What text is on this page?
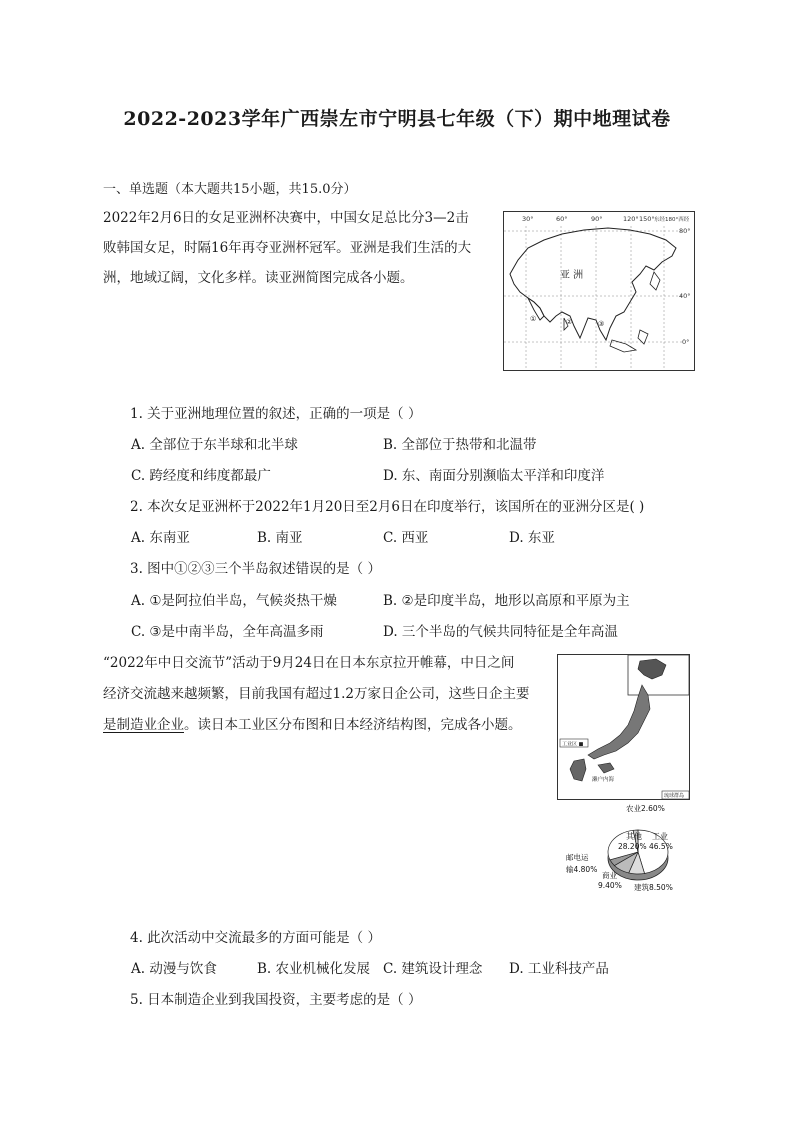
2022-2023学年广西崇左市宁明县七年级（下）期中地理试卷
一、单选题（本大题共15小题，共15.0分）
2022年2月6日的女足亚洲杯决赛中，中国女足总比分3—2击
败韩国女足，时隔16年再夺亚洲杯冠军。亚洲是我们生活的大
洲，地域辽阔，文化多样。读亚洲简图完成各小题。
30°	60°	90°	120° 150° 东经180°西经
80°
40°
0°
亚 洲
①	②	③
1. 关于亚洲地理位置的叙述，正确的一项是（ ）
A. 全部位于东半球和北半球	B. 全部位于热带和北温带
C. 跨经度和纬度都最广	D. 东、南面分别濒临太平洋和印度洋
2. 本次女足亚洲杯于2022年1月20日至2月6日在印度举行，该国所在的亚洲分区是( )
A. 东南亚	B. 南亚	C. 西亚	D. 东亚
3. 图中①②③三个半岛叙述错误的是（ ）
A. ①是阿拉伯半岛，气候炎热干燥	B. ②是印度半岛，地形以高原和平原为主
C. ③是中南半岛，全年高温多雨	D. 三个半岛的气候共同特征是全年高温
“2022年中日交流节”活动于9月24日在日本东京拉开帷幕，中日之间
经济交流越来越频繁，目前我国有超过1.2万家日企公司，这些日企主要
是制造业企业。读日本工业区分布图和日本经济结构图，完成各小题。
工业区 ■
濑户内海
琉球群岛
农业2.60%
其他
28.20%
工业
46.5%
邮电运
输4.80%
商业
9.40% 建筑8.50%
4. 此次活动中交流最多的方面可能是（ ）
A. 动漫与饮食	B. 农业机械化发展 C. 建筑设计理念 D. 工业科技产品
5. 日本制造企业到我国投资，主要考虑的是（ ）
